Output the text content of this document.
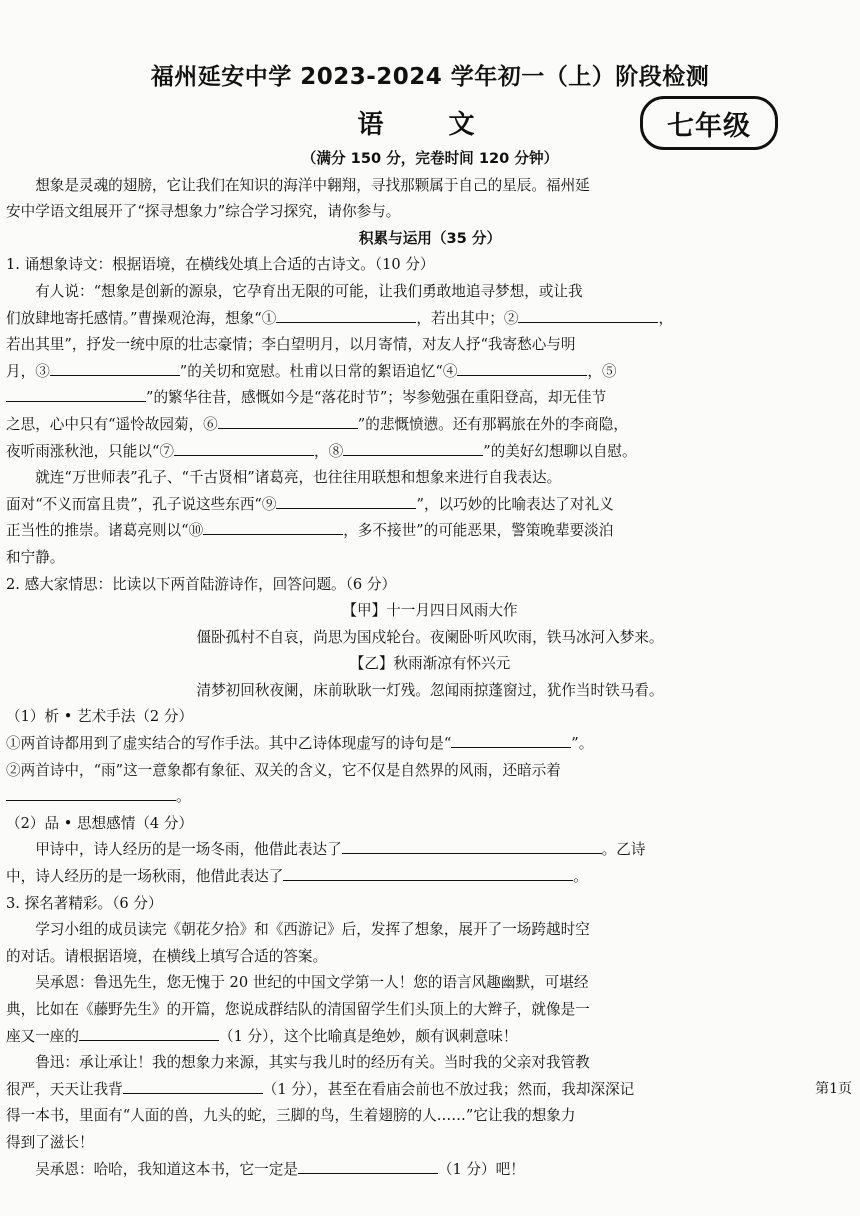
福州延安中学 2023-2024 学年初一（上）阶段检测
语 文	七年级

（满分 150 分，完卷时间 120 分钟）

想象是灵魂的翅膀，它让我们在知识的海洋中翱翔，寻找那颗属于自己的星辰。福州延

安中学语文组展开了“探寻想象力”综合学习探究，请你参与。

积累与运用（35 分）

1. 诵想象诗文：根据语境，在横线处填上合适的古诗文。（10 分）

有人说：“想象是创新的源泉，它孕育出无限的可能，让我们勇敢地追寻梦想，或让我

们放肆地寄托感情。”曹操观沧海，想象“①	，若出其中；②	，

若出其里”，抒发一统中原的壮志豪情；李白望明月，以月寄情，对友人抒“我寄愁心与明

月，③	”的关切和宽慰。杜甫以日常的絮语追忆“④	，⑤

”的繁华往昔，感慨如今是“落花时节”；岑参勉强在重阳登高，却无佳节

之思，心中只有“遥怜故园菊，⑥	”的悲慨愤懑。还有那羁旅在外的李商隐，

夜听雨涨秋池，只能以“⑦	，⑧	”的美好幻想聊以自慰。

就连“万世师表”孔子、“千古贤相”诸葛亮，也往往用联想和想象来进行自我表达。

面对“不义而富且贵”，孔子说这些东西“⑨	”，以巧妙的比喻表达了对礼义

正当性的推崇。诸葛亮则以“⑩	，多不接世”的可能恶果，警策晚辈要淡泊

和宁静。

2. 感大家情思：比读以下两首陆游诗作，回答问题。（6 分）

【甲】十一月四日风雨大作

僵卧孤村不自哀，尚思为国戍轮台。夜阑卧听风吹雨，铁马冰河入梦来。

【乙】秋雨渐凉有怀兴元

清梦初回秋夜阑，床前耿耿一灯残。忽闻雨掠蓬窗过，犹作当时铁马看。

（1）析 • 艺术手法（2 分）

①两首诗都用到了虚实结合的写作手法。其中乙诗体现虚写的诗句是“	”。

②两首诗中，“雨”这一意象都有象征、双关的含义，它不仅是自然界的风雨，还暗示着

。

（2）品 • 思想感情（4 分）

甲诗中，诗人经历的是一场冬雨，他借此表达了	。乙诗

中，诗人经历的是一场秋雨，他借此表达了	。

3. 探名著精彩。（6 分）

学习小组的成员读完《朝花夕拾》和《西游记》后，发挥了想象，展开了一场跨越时空

的对话。请根据语境，在横线上填写合适的答案。

吴承恩：鲁迅先生，您无愧于 20 世纪的中国文学第一人！您的语言风趣幽默，可堪经

典，比如在《藤野先生》的开篇，您说成群结队的清国留学生们头顶上的大辫子，就像是一

座又一座的	（1 分），这个比喻真是绝妙，颇有讽刺意味！

鲁迅：承让承让！我的想象力来源，其实与我儿时的经历有关。当时我的父亲对我管教

很严，天天让我背	（1 分），甚至在看庙会前也不放过我；然而，我却深深记

得一本书，里面有“人面的兽，九头的蛇，三脚的鸟，生着翅膀的人……”它让我的想象力

得到了滋长！

吴承恩：哈哈，我知道这本书，它一定是	（1 分）吧！

第1页
